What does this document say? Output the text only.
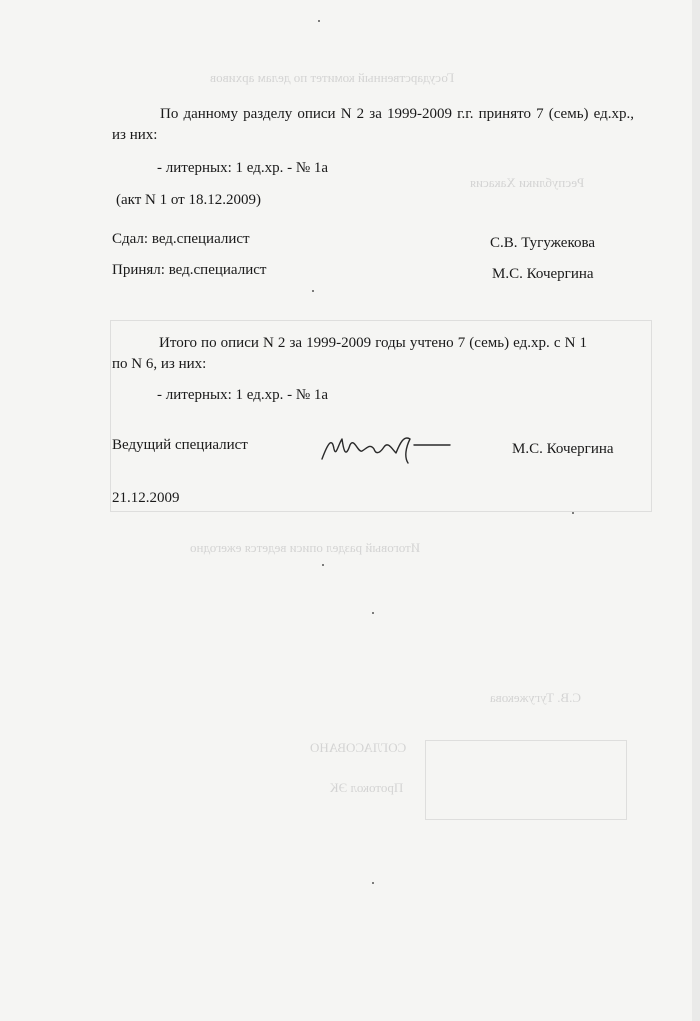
Государственный комитет по делам архивов
Республики Хакасия
Итоговый раздел описи ведется ежегодно
С.В. Тугужекова
СОГЛАСОВАНО
Протокол ЭК
По данному разделу описи N 2 за 1999-2009 г.г. принято 7 (семь) ед.хр., из них:
- литерных: 1 ед.хр. - № 1а
(акт N 1 от 18.12.2009)
Сдал: вед.специалист	С.В. Тугужекова
Принял: вед.специалист	М.С. Кочергина
Итого по описи N 2 за 1999-2009 годы учтено 7 (семь) ед.хр. с N 1 по N 6, из них:
- литерных: 1 ед.хр. - № 1а
Ведущий специалист	М.С. Кочергина
21.12.2009
